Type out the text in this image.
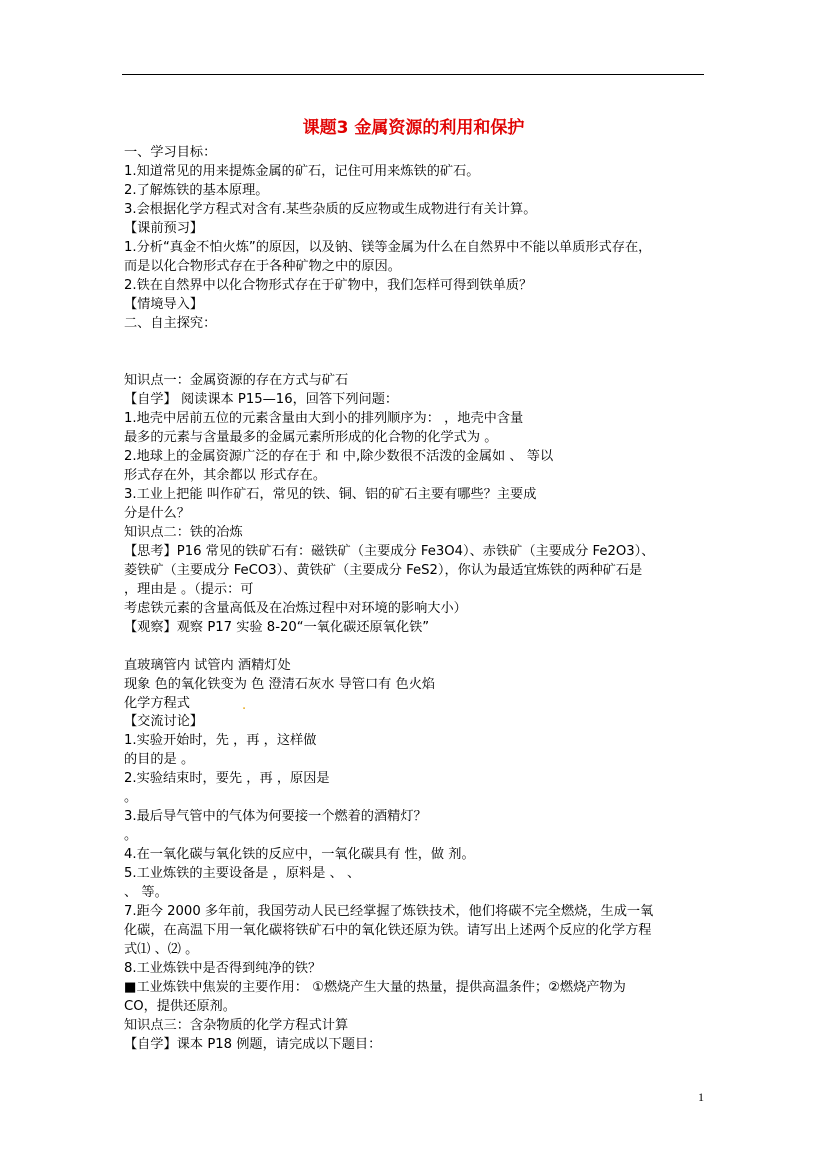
课题3 金属资源的利用和保护
一、学习目标：
1.知道常见的用来提炼金属的矿石，记住可用来炼铁的矿石。
2.了解炼铁的基本原理。
3.会根据化学方程式对含有.某些杂质的反应物或生成物进行有关计算。
【课前预习】
1.分析“真金不怕火炼”的原因，以及钠、镁等金属为什么在自然界中不能以单质形式存在，
而是以化合物形式存在于各种矿物之中的原因。
2.铁在自然界中以化合物形式存在于矿物中，我们怎样可得到铁单质？
【情境导入】
二、自主探究：
知识点一：金属资源的存在方式与矿石
【自学】 阅读课本 P15—16，回答下列问题：
1.地壳中居前五位的元素含量由大到小的排列顺序为： ，地壳中含量
最多的元素与含量最多的金属元素所形成的化合物的化学式为 。
2.地球上的金属资源广泛的存在于 和 中,除少数很不活泼的金属如 、 等以
形式存在外，其余都以 形式存在。
3.工业上把能 叫作矿石，常见的铁、铜、铝的矿石主要有哪些？主要成
分是什么？
知识点二：铁的冶炼
【思考】P16 常见的铁矿石有：磁铁矿（主要成分 Fe3O4）、赤铁矿（主要成分 Fe2O3）、
菱铁矿（主要成分 FeCO3）、黄铁矿（主要成分 FeS2），你认为最适宜炼铁的两种矿石是
，理由是 。（提示：可
考虑铁元素的含量高低及在冶炼过程中对环境的影响大小）
【观察】观察 P17 实验 8-20“一氧化碳还原氧化铁”
直玻璃管内 试管内 酒精灯处
现象 色的氧化铁变为 色 澄清石灰水 导管口有 色火焰
化学方程式	.
【交流讨论】
1.实验开始时，先 ，再 ，这样做
的目的是 。
2.实验结束时，要先 ，再 ，原因是
。
3.最后导气管中的气体为何要接一个燃着的酒精灯？
。
4.在一氧化碳与氧化铁的反应中，一氧化碳具有 性，做 剂。
5.工业炼铁的主要设备是 ，原料是 、 、
、 等。
7.距今 2000 多年前，我国劳动人民已经掌握了炼铁技术，他们将碳不完全燃烧，生成一氧
化碳，在高温下用一氧化碳将铁矿石中的氧化铁还原为铁。请写出上述两个反应的化学方程
式⑴ 、⑵ 。
8.工业炼铁中是否得到纯净的铁？
■工业炼铁中焦炭的主要作用： ①燃烧产生大量的热量，提供高温条件；②燃烧产物为
CO，提供还原剂。
知识点三：含杂物质的化学方程式计算
【自学】课本 P18 例题，请完成以下题目：
1
